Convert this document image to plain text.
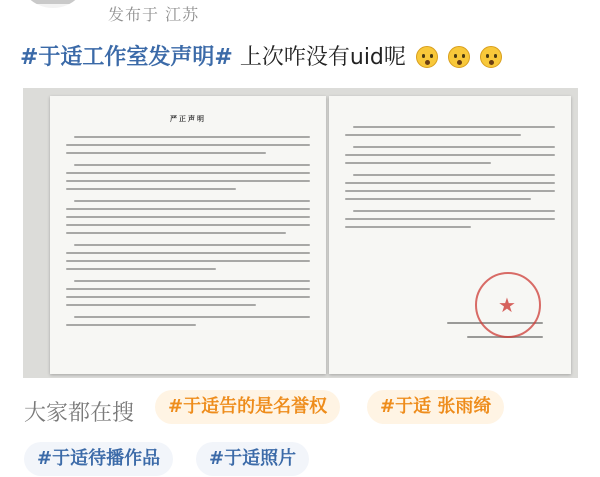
发布于 江苏
#于适工作室发声明# 上次咋没有uid呢
严正声明
★
大家都在搜	#于适告的是名誉权	#于适 张雨绮
#于适待播作品	#于适照片
